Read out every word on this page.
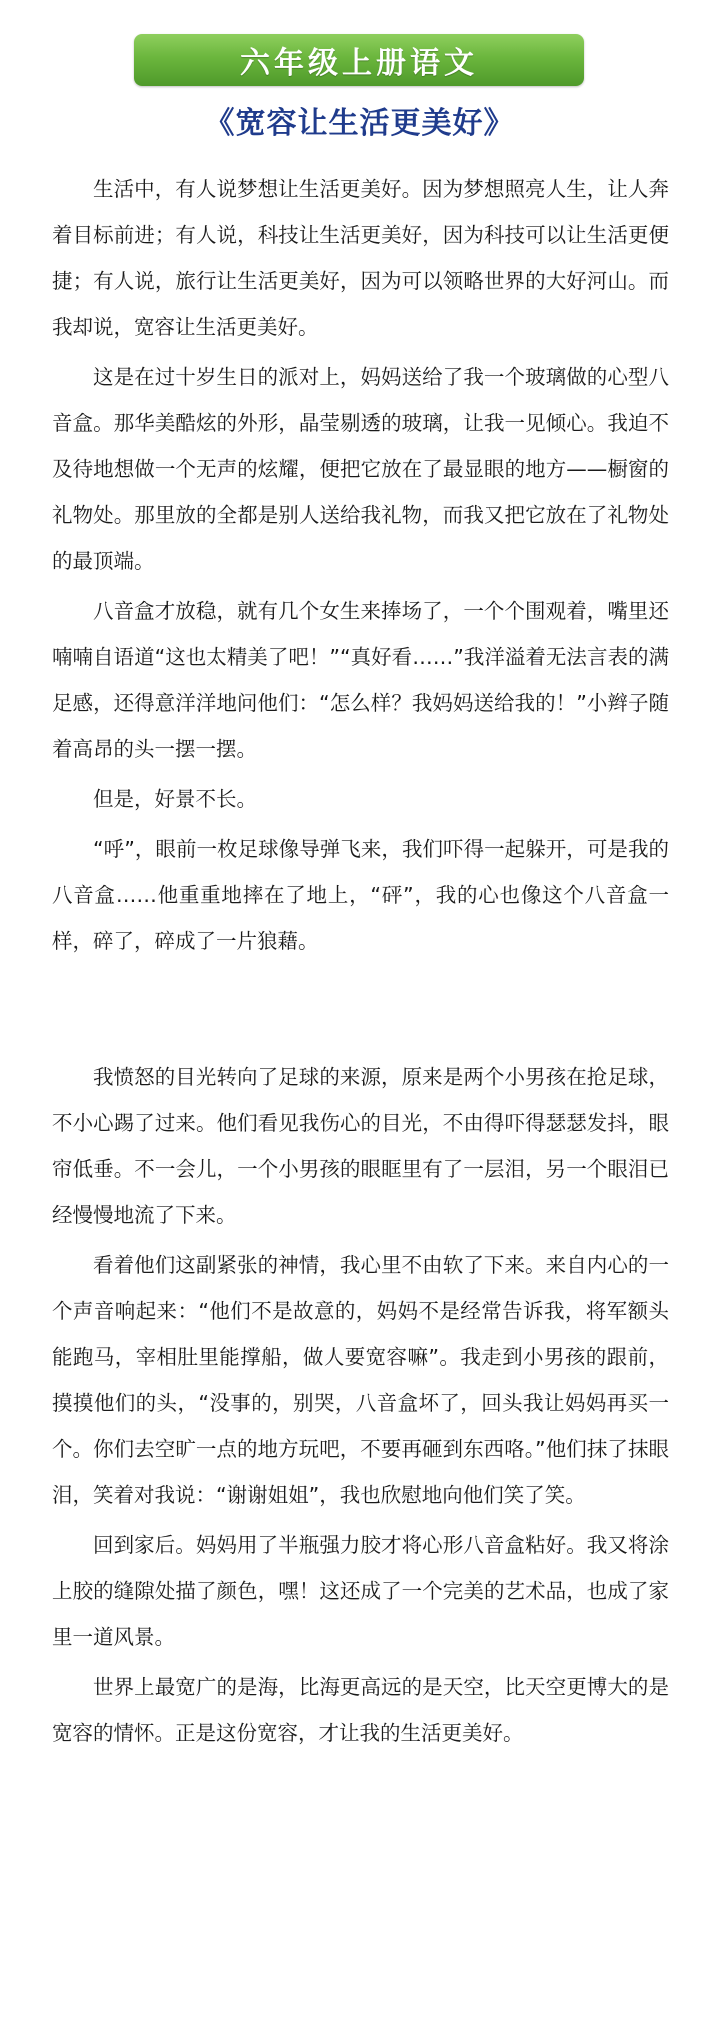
六年级上册语文
《宽容让生活更美好》

生活中，有人说梦想让生活更美好。因为梦想照亮人生，让人奔着目标前进；有人说，科技让生活更美好，因为科技可以让生活更便捷；有人说，旅行让生活更美好，因为可以领略世界的大好河山。而我却说，宽容让生活更美好。

这是在过十岁生日的派对上，妈妈送给了我一个玻璃做的心型八音盒。那华美酷炫的外形，晶莹剔透的玻璃，让我一见倾心。我迫不及待地想做一个无声的炫耀，便把它放在了最显眼的地方——橱窗的礼物处。那里放的全都是别人送给我礼物，而我又把它放在了礼物处的最顶端。

八音盒才放稳，就有几个女生来捧场了，一个个围观着，嘴里还喃喃自语道“这也太精美了吧！”“真好看……”我洋溢着无法言表的满足感，还得意洋洋地问他们：“怎么样？我妈妈送给我的！”小辫子随着高昂的头一摆一摆。

但是，好景不长。

“呼”，眼前一枚足球像导弹飞来，我们吓得一起躲开，可是我的八音盒……他重重地摔在了地上，“砰”，我的心也像这个八音盒一样，碎了，碎成了一片狼藉。

我愤怒的目光转向了足球的来源，原来是两个小男孩在抢足球，不小心踢了过来。他们看见我伤心的目光，不由得吓得瑟瑟发抖，眼帘低垂。不一会儿，一个小男孩的眼眶里有了一层泪，另一个眼泪已经慢慢地流了下来。

看着他们这副紧张的神情，我心里不由软了下来。来自内心的一个声音响起来：“他们不是故意的，妈妈不是经常告诉我，将军额头能跑马，宰相肚里能撑船，做人要宽容嘛”。我走到小男孩的跟前，摸摸他们的头，“没事的，别哭，八音盒坏了，回头我让妈妈再买一个。你们去空旷一点的地方玩吧，不要再砸到东西咯。”他们抹了抹眼泪，笑着对我说：“谢谢姐姐”，我也欣慰地向他们笑了笑。

回到家后。妈妈用了半瓶强力胶才将心形八音盒粘好。我又将涂上胶的缝隙处描了颜色，嘿！这还成了一个完美的艺术品，也成了家里一道风景。

世界上最宽广的是海，比海更高远的是天空，比天空更博大的是宽容的情怀。正是这份宽容，才让我的生活更美好。
